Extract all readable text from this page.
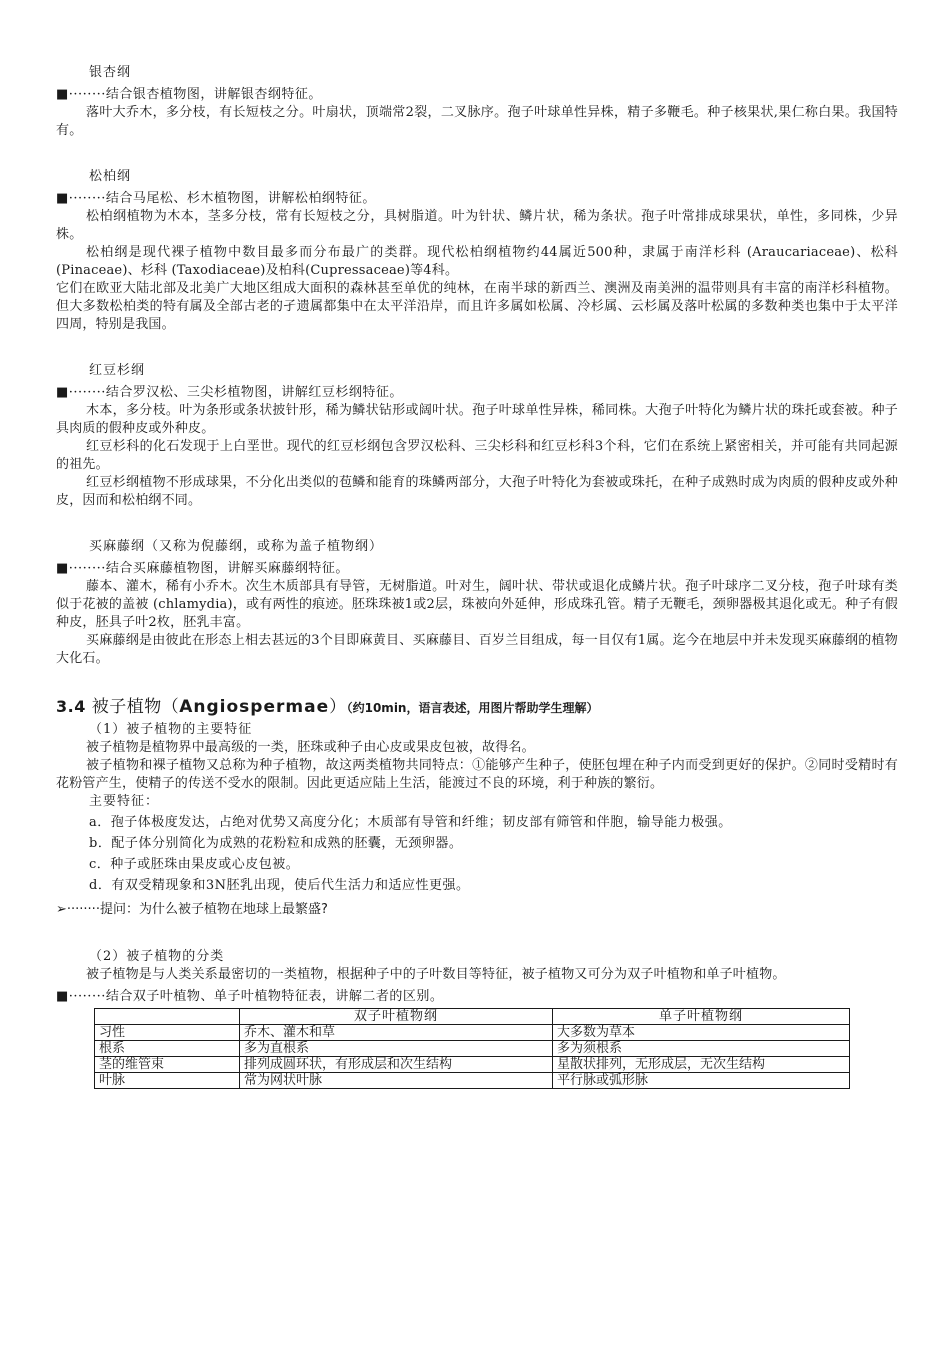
银杏纲

■········结合银杏植物图，讲解银杏纲特征。

落叶大乔木，多分枝，有长短枝之分。叶扇状，顶端常2裂，二叉脉序。孢子叶球单性异株，精子多鞭毛。种子核果状,果仁称白果。我国特有。

松柏纲

■········结合马尾松、杉木植物图，讲解松柏纲特征。

松柏纲植物为木本，茎多分枝，常有长短枝之分，具树脂道。叶为针状、鳞片状，稀为条状。孢子叶常排成球果状，单性，多同株，少异株。

松柏纲是现代裸子植物中数目最多而分布最广的类群。现代松柏纲植物约44属近500种，隶属于南洋杉科 (Araucariaceae)、松科 (Pinaceae)、杉科 (Taxodiaceae)及柏科(Cupressaceae)等4科。

它们在欧亚大陆北部及北美广大地区组成大面积的森林甚至单优的纯林，在南半球的新西兰、澳洲及南美洲的温带则具有丰富的南洋杉科植物。但大多数松柏类的特有属及全部古老的孑遗属都集中在太平洋沿岸，而且许多属如松属、冷杉属、云杉属及落叶松属的多数种类也集中于太平洋四周，特别是我国。

红豆杉纲

■········结合罗汉松、三尖杉植物图，讲解红豆杉纲特征。

木本，多分枝。叶为条形或条状披针形，稀为鳞状钻形或阔叶状。孢子叶球单性异株，稀同株。大孢子叶特化为鳞片状的珠托或套被。种子具肉质的假种皮或外种皮。

红豆杉科的化石发现于上白垩世。现代的红豆杉纲包含罗汉松科、三尖杉科和红豆杉科3个科，它们在系统上紧密相关，并可能有共同起源的祖先。

红豆杉纲植物不形成球果，不分化出类似的苞鳞和能育的珠鳞两部分，大孢子叶特化为套被或珠托，在种子成熟时成为肉质的假种皮或外种皮，因而和松柏纲不同。

买麻藤纲（又称为倪藤纲，或称为盖子植物纲）

■········结合买麻藤植物图，讲解买麻藤纲特征。

藤本、灌木，稀有小乔木。次生木质部具有导管，无树脂道。叶对生，阔叶状、带状或退化成鳞片状。孢子叶球序二叉分枝，孢子叶球有类似于花被的盖被 (chlamydia)，或有两性的痕迹。胚珠珠被1或2层，珠被向外延伸，形成珠孔管。精子无鞭毛，颈卵器极其退化或无。种子有假种皮，胚具子叶2枚，胚乳丰富。

买麻藤纲是由彼此在形态上相去甚远的3个目即麻黄目、买麻藤目、百岁兰目组成，每一目仅有1属。迄今在地层中并未发现买麻藤纲的植物大化石。

3.4 被子植物（Angiospermae）（约10min，语言表述，用图片帮助学生理解）

（1）被子植物的主要特征

被子植物是植物界中最高级的一类，胚珠或种子由心皮或果皮包被，故得名。

被子植物和裸子植物又总称为种子植物，故这两类植物共同特点：①能够产生种子，使胚包埋在种子内而受到更好的保护。②同时受精时有花粉管产生，使精子的传送不受水的限制。因此更适应陆上生活，能渡过不良的环境，利于种族的繁衍。

主要特征：

a．孢子体极度发达，占绝对优势又高度分化；木质部有导管和纤维；韧皮部有筛管和伴胞，输导能力极强。

b．配子体分别简化为成熟的花粉粒和成熟的胚囊，无颈卵器。

c．种子或胚珠由果皮或心皮包被。

d．有双受精现象和3N胚乳出现，使后代生活力和适应性更强。

➢········提问：为什么被子植物在地球上最繁盛?

（2）被子植物的分类

被子植物是与人类关系最密切的一类植物，根据种子中的子叶数目等特征，被子植物又可分为双子叶植物和单子叶植物。

■········结合双子叶植物、单子叶植物特征表，讲解二者的区别。

	双子叶植物纲	单子叶植物纲
习性	乔木、灌木和草	大多数为草本
根系	多为直根系	多为须根系
茎的维管束	排列成圆环状，有形成层和次生结构	星散状排列，无形成层，无次生结构
叶脉	常为网状叶脉	平行脉或弧形脉
